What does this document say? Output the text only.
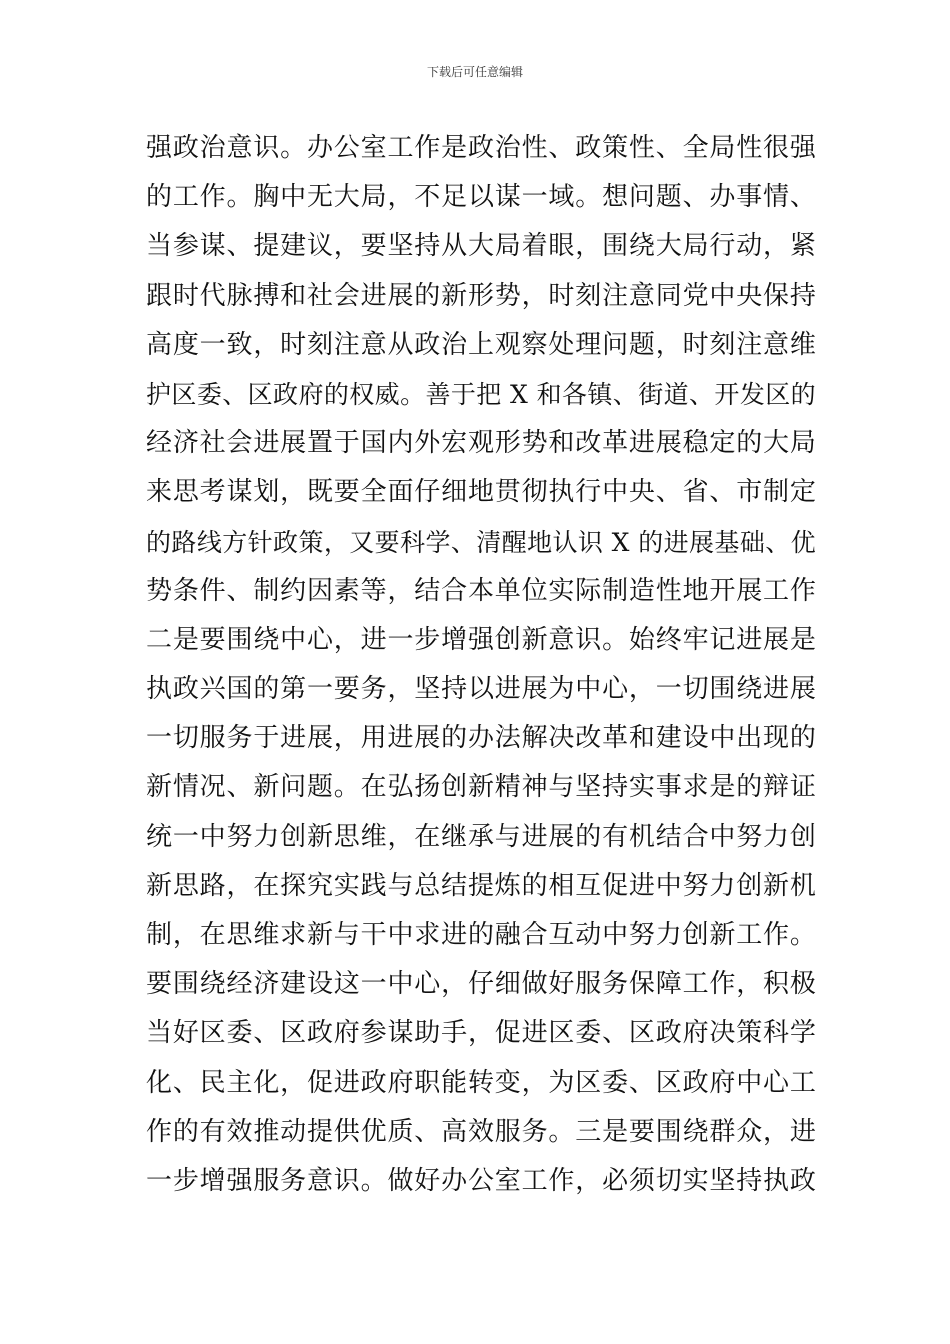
下载后可任意编辑
强 政 治 意 识 。 办 公 室 工 作 是 政 治 性 、 政 策 性 、 全 局 性 很 强
的 工 作 。 胸 中 无 大 局 ， 不 足 以 谋 一 域 。 想 问 题 、 办 事 情 、
当 参 谋 、 提 建 议 ， 要 坚 持 从 大 局 着 眼 ， 围 绕 大 局 行 动 ， 紧
跟 时 代 脉 搏 和 社 会 进 展 的 新 形 势 ， 时 刻 注 意 同 党 中 央 保 持
高 度 一 致 ， 时 刻 注 意 从 政 治 上 观 察 处 理 问 题 ， 时 刻 注 意 维
护 区 委 、 区 政 府 的 权 威 。 善 于 把
X
和 各 镇 、 街 道 、 开 发 区 的
经 济 社 会 进 展 置 于 国 内 外 宏 观 形 势 和 改 革 进 展 稳 定 的 大 局
来 思 考 谋 划 ， 既 要 全 面 仔 细 地 贯 彻 执 行 中 央 、 省 、 市 制 定
的 路 线 方 针 政 策 ， 又 要 科 学 、 清 醒 地 认 识
X
的 进 展 基 础 、 优
势 条 件 、 制 约 因 素 等 ， 结 合 本 单 位 实 际 制 造 性 地 开 展 工 作
二 是 要 围 绕 中 心 ， 进 一 步 增 强 创 新 意 识 。 始 终 牢 记 进 展 是
执 政 兴 国 的 第 一 要 务 ， 坚 持 以 进 展 为 中 心 ， 一 切 围 绕 进 展
一 切 服 务 于 进 展 ， 用 进 展 的 办 法 解 决 改 革 和 建 设 中 出 现 的
新 情 况 、 新 问 题 。 在 弘 扬 创 新 精 神 与 坚 持 实 事 求 是 的 辩 证
统 一 中 努 力 创 新 思 维 ， 在 继 承 与 进 展 的 有 机 结 合 中 努 力 创
新 思 路 ， 在 探 究 实 践 与 总 结 提 炼 的 相 互 促 进 中 努 力 创 新 机
制 ， 在 思 维 求 新 与 干 中 求 进 的 融 合 互 动 中 努 力 创 新 工 作 。
要 围 绕 经 济 建 设 这 一 中 心 ， 仔 细 做 好 服 务 保 障 工 作 ， 积 极
当 好 区 委 、 区 政 府 参 谋 助 手 ， 促 进 区 委 、 区 政 府 决 策 科 学
化 、 民 主 化 ， 促 进 政 府 职 能 转 变 ， 为 区 委 、 区 政 府 中 心 工
作 的 有 效 推 动 提 供 优 质 、 高 效 服 务 。 三 是 要 围 绕 群 众 ， 进
一 步 增 强 服 务 意 识 。 做 好 办 公 室 工 作 ， 必 须 切 实 坚 持 执 政
